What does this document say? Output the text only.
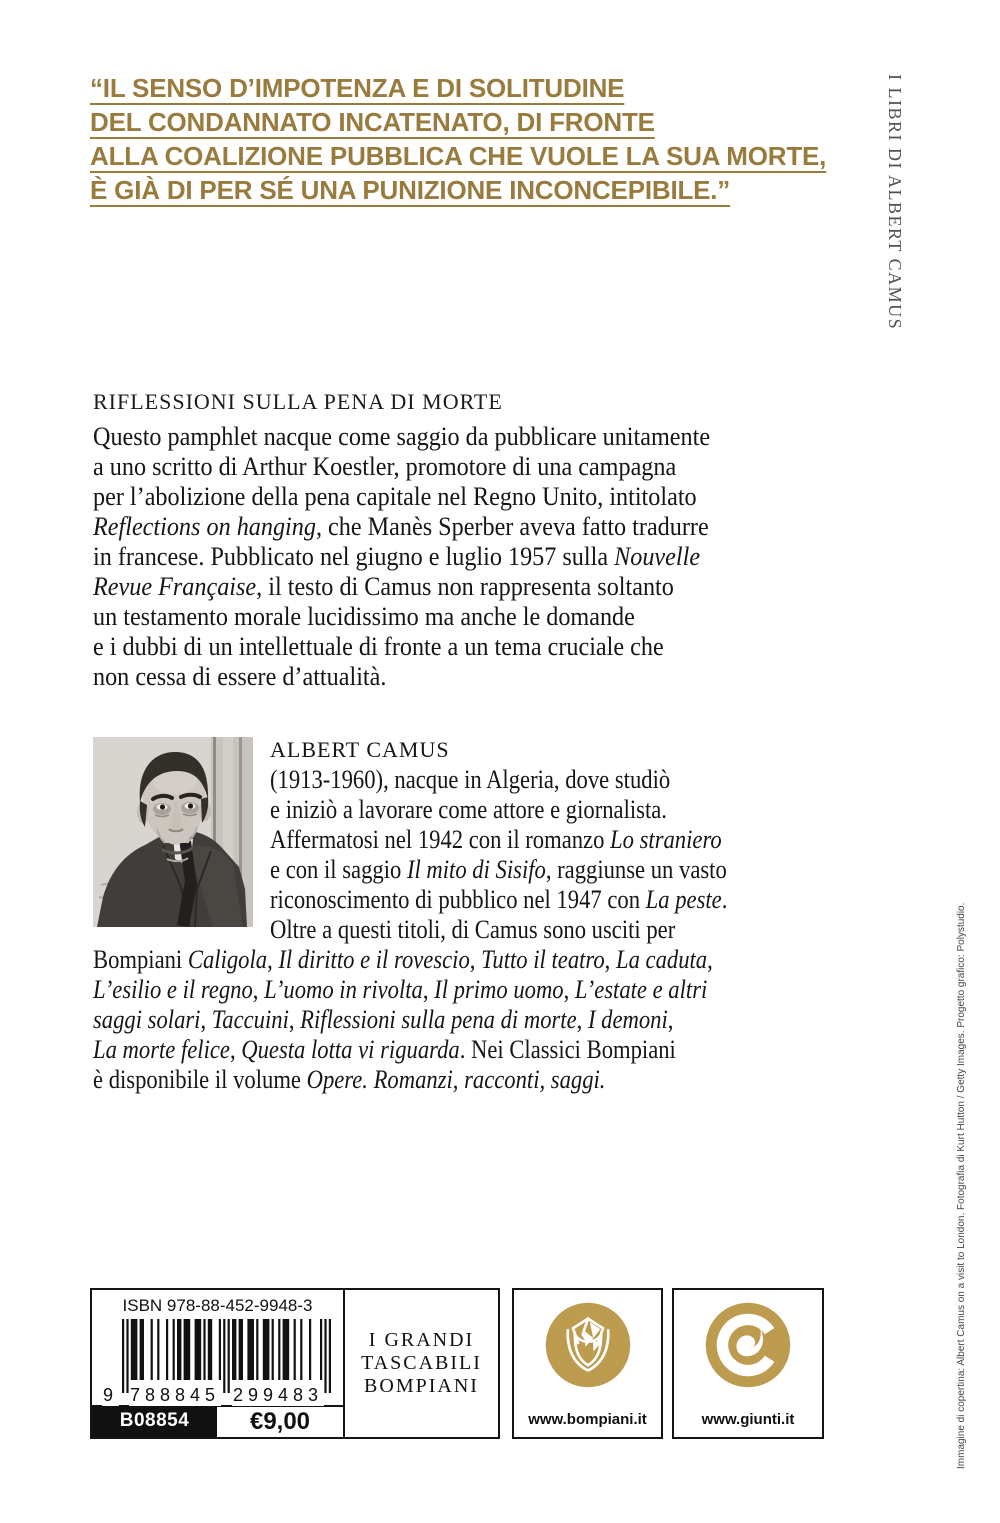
“IL SENSO D’IMPOTENZA E DI SOLITUDINE
DEL CONDANNATO INCATENATO, DI FRONTE
ALLA COALIZIONE PUBBLICA CHE VUOLE LA SUA MORTE,
È GIÀ DI PER SÉ UNA PUNIZIONE INCONCEPIBILE.”	I LIBRI DI ALBERT CAMUS
RIFLESSIONI SULLA PENA DI MORTE
Questo pamphlet nacque come saggio da pubblicare unitamente
a uno scritto di Arthur Koestler, promotore di una campagna
per l’abolizione della pena capitale nel Regno Unito, intitolato
Reflections on hanging, che Manès Sperber aveva fatto tradurre
in francese. Pubblicato nel giugno e luglio 1957 sulla Nouvelle
Revue Française, il testo di Camus non rappresenta soltanto
un testamento morale lucidissimo ma anche le domande
e i dubbi di un intellettuale di fronte a un tema cruciale che
non cessa di essere d’attualità.
ALBERT CAMUS
(1913-1960), nacque in Algeria, dove studiò
e iniziò a lavorare come attore e giornalista.
Affermatosi nel 1942 con il romanzo Lo straniero
e con il saggio Il mito di Sisifo, raggiunse un vasto
riconoscimento di pubblico nel 1947 con La peste.
Oltre a questi titoli, di Camus sono usciti per
Bompiani Caligola, Il diritto e il rovescio, Tutto il teatro, La caduta,
L’esilio e il regno, L’uomo in rivolta, Il primo uomo, L’estate e altri
saggi solari, Taccuini, Riflessioni sulla pena di morte, I demoni,
La morte felice, Questa lotta vi riguarda. Nei Classici Bompiani
è disponibile il volume Opere. Romanzi, racconti, saggi.	Immagine di copertina: Albert Camus on a visit to London. Fotografia di Kurt Hutton / Getty Images. Progetto grafico: Polystudio.
ISBN 978-88-452-9948-3
9 788845 299483
B08854	€9,00
I GRANDI
TASCABILI
BOMPIANI
www.bompiani.it	www.giunti.it
